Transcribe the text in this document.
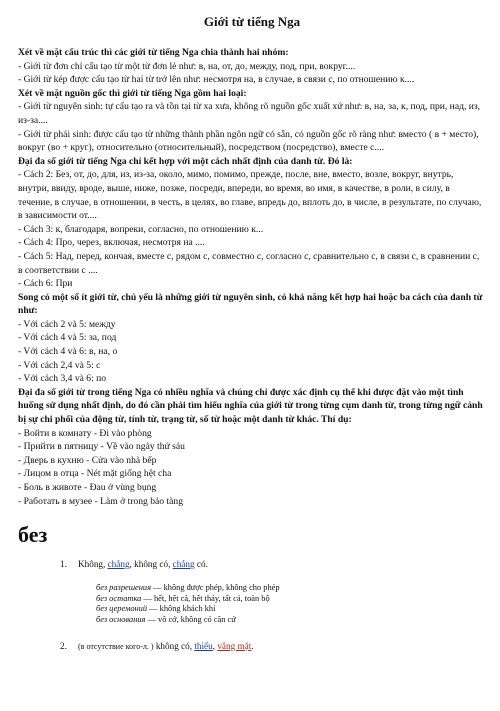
Giới từ tiếng Nga

Xét về mặt cấu trúc thì các giới từ tiếng Nga chia thành hai nhóm:

- Giới từ đơn chỉ cấu tạo từ một từ đơn lẻ như: в, на, от, до, между, под, при, вокруг....

- Giới từ kép được cấu tạo từ hai từ trở lên như: несмотря на, в случае, в связи с, по отношению к....

Xét về mặt nguồn gốc thì giới từ tiếng Nga gồm hai loại:

- Giới từ nguyên sinh: tự cấu tạo ra và tồn tại từ xa xưa, không rõ nguồn gốc xuất xứ như: в, на, за, к, под, при, над, из, из-за....

- Giới từ phái sinh: được cấu tạo từ những thành phần ngôn ngữ có sẵn, có nguồn gốc rõ ràng như: вместо ( в + место), вокруг (во + круг), относительно (относительный), посредством (посредство), вместе с....

Đại đa số giới từ tiếng Nga chỉ kết hợp với một cách nhất định của danh từ. Đó là:

- Cách 2: Без, от, до, для, из, из-за, около, мимо, помимо, прежде, после, вне, вместо, возле, вокруг, внутрь, внутри, ввиду, вроде, выше, ниже, позже, посреди, впереди, во время, во имя, в качестве, в роли, в силу, в течение, в случае, в отношении, в честь, в целях, во главе, впредь до, вплоть до, в числе, в результате, по случаю, в зависимости от....

- Cách 3: к, благодаря, вопреки, согласно, по отношению к...

- Cách 4: Про, через, включая, несмотря на ....

- Cách 5: Над, перед, кончая, вместе с, рядом с, совместно с, согласно с, сравнительно с, в связи с, в сравнении с, в соответствии с ....

- Cách 6: При

Song có một số ít giới từ, chủ yếu là những giới từ nguyên sinh, có khả năng kết hợp hai hoặc ba cách của danh từ như:

- Với cách 2 và 5: между

- Với cách 4 và 5: за, под

- Với cách 4 và 6: в, на, о

- Với cách 2,4 và 5: с

- Với cách 3,4 và 6: по

Đại đa số giới từ trong tiếng Nga có nhiều nghĩa và chúng chỉ được xác định cụ thể khi được đặt vào một tình huống sử dụng nhất định, do đó cần phải tìm hiểu nghĩa của giới từ trong từng cụm danh từ, trong từng ngữ cảnh bị sự chi phối của động từ, tính từ, trạng từ, số từ hoặc một danh từ khác. Thí dụ:

- Войти в комнату - Đi vào phòng

- Прийти в пятницу - Về vào ngày thứ sáu

- Дверь в кухню - Cửa vào nhà bếp

- Лицом в отца - Nét mặt giống hệt cha

- Боль в животе - Đau ở vùng bụng

- Работать в музее - Làm ở trong bảo tàng

без
1.	Không, chẳng, không có, chẳng có.
без разрешения — không được phép, không cho phép
без остатка — hết, hết cả, hết thảy, tất cả, toàn bộ
без церемоний — không khách khí
без основания — vô cớ, không có căn cứ
2.	(в отсутствие кого-л. ) không có, thiếu, vắng mặt.
